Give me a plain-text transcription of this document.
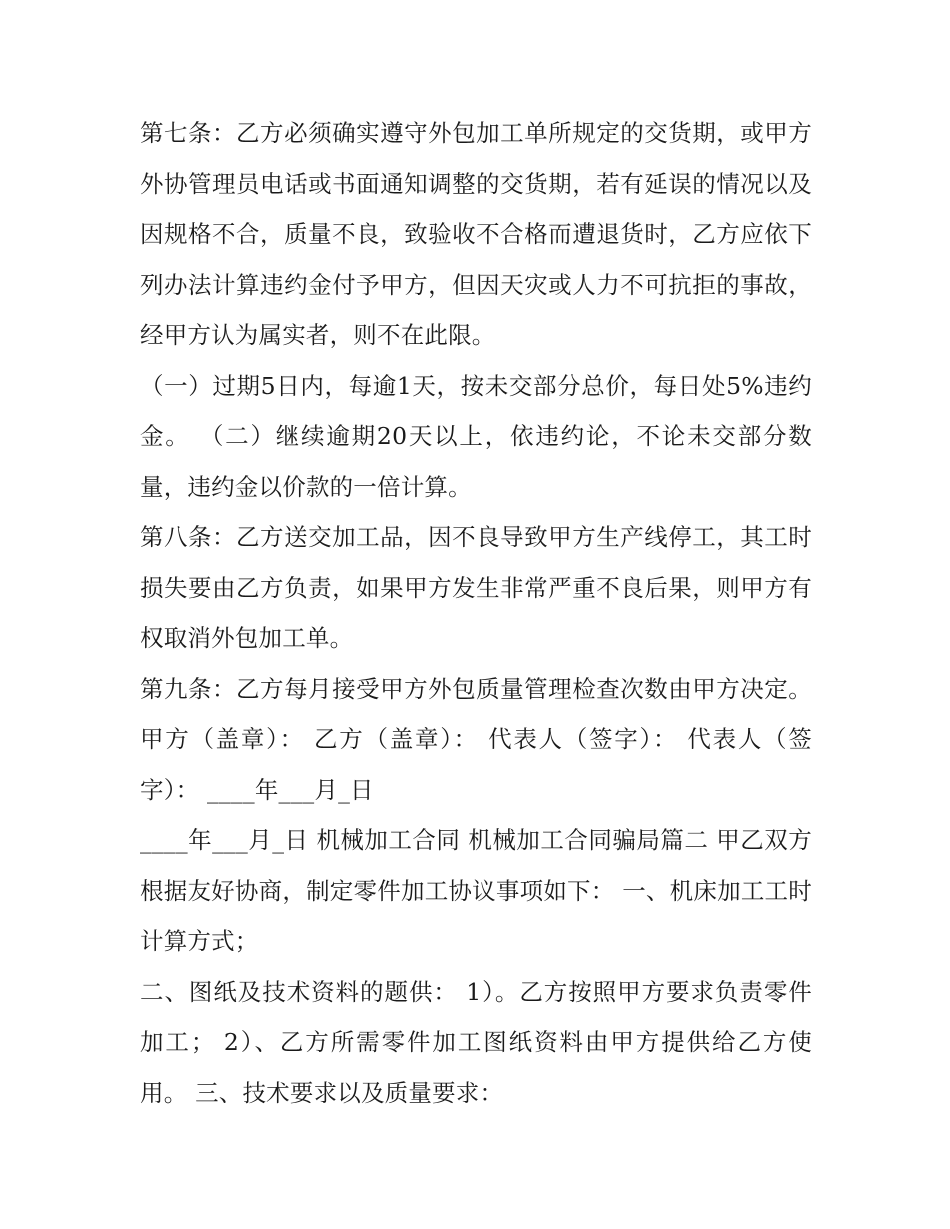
第七条：乙方必须确实遵守外包加工单所规定的交货期，或甲方外协管理员电话或书面通知调整的交货期，若有延误的情况以及因规格不合，质量不良，致验收不合格而遭退货时，乙方应依下列办法计算违约金付予甲方，但因天灾或人力不可抗拒的事故，经甲方认为属实者，则不在此限。

（一）过期5日内，每逾1天，按未交部分总价，每日处5%违约金。 （二）继续逾期20天以上，依违约论，不论未交部分数量，违约金以价款的一倍计算。

第八条：乙方送交加工品，因不良导致甲方生产线停工，其工时损失要由乙方负责，如果甲方发生非常严重不良后果，则甲方有权取消外包加工单。

第九条：乙方每月接受甲方外包质量管理检查次数由甲方决定。 甲方（盖章）： 乙方（盖章）： 代表人（签字）： 代表人（签字）： ____年___月_日

____年___月_日 机械加工合同 机械加工合同骗局篇二 甲乙双方根据友好协商，制定零件加工协议事项如下： 一、机床加工工时计算方式；

二、图纸及技术资料的题供： 1）。乙方按照甲方要求负责零件加工； 2）、乙方所需零件加工图纸资料由甲方提供给乙方使用。 三、技术要求以及质量要求：
